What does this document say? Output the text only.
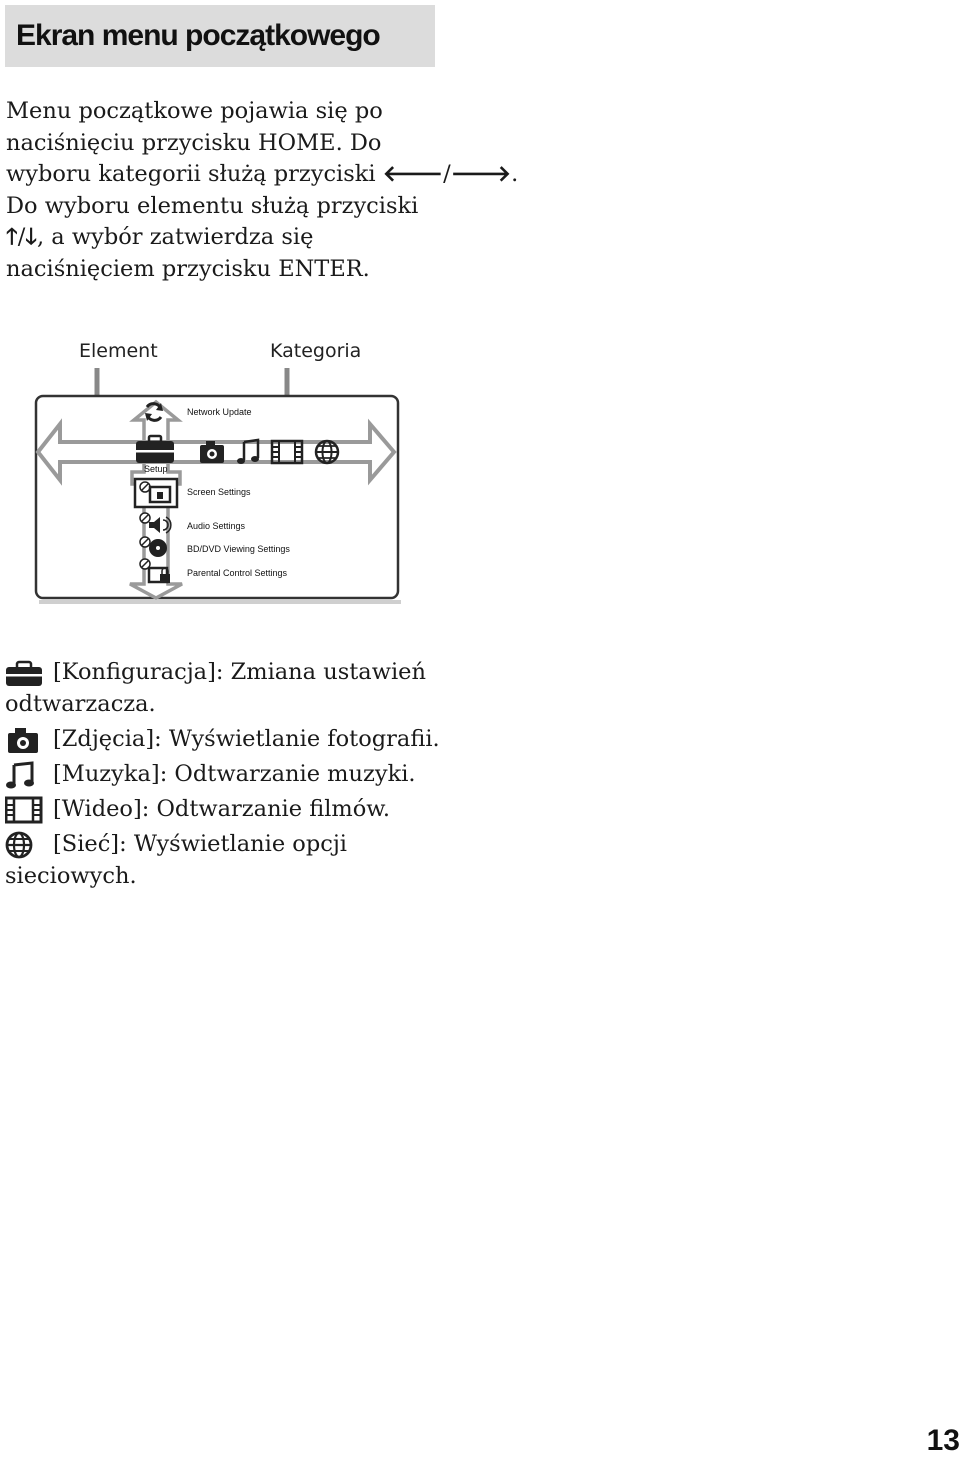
Ekran menu początkowego
Menu początkowe pojawia się po
naciśnięciu przycisku HOME. Do
wyboru kategorii służą przyciski 🡐/🡒.
Do wyboru elementu służą przyciski
🡑/🡓, a wybór zatwierdza się
naciśnięciem przycisku ENTER.
Element	Kategoria
Network Update
Setup
Screen Settings
Audio Settings
BD/DVD Viewing Settings
Parental Control Settings
[Konfiguracja]: Zmiana ustawień
odtwarzacza.
[Zdjęcia]: Wyświetlanie fotografii.
[Muzyka]: Odtwarzanie muzyki.
[Wideo]: Odtwarzanie filmów.
[Sieć]: Wyświetlanie opcji
sieciowych.
13
